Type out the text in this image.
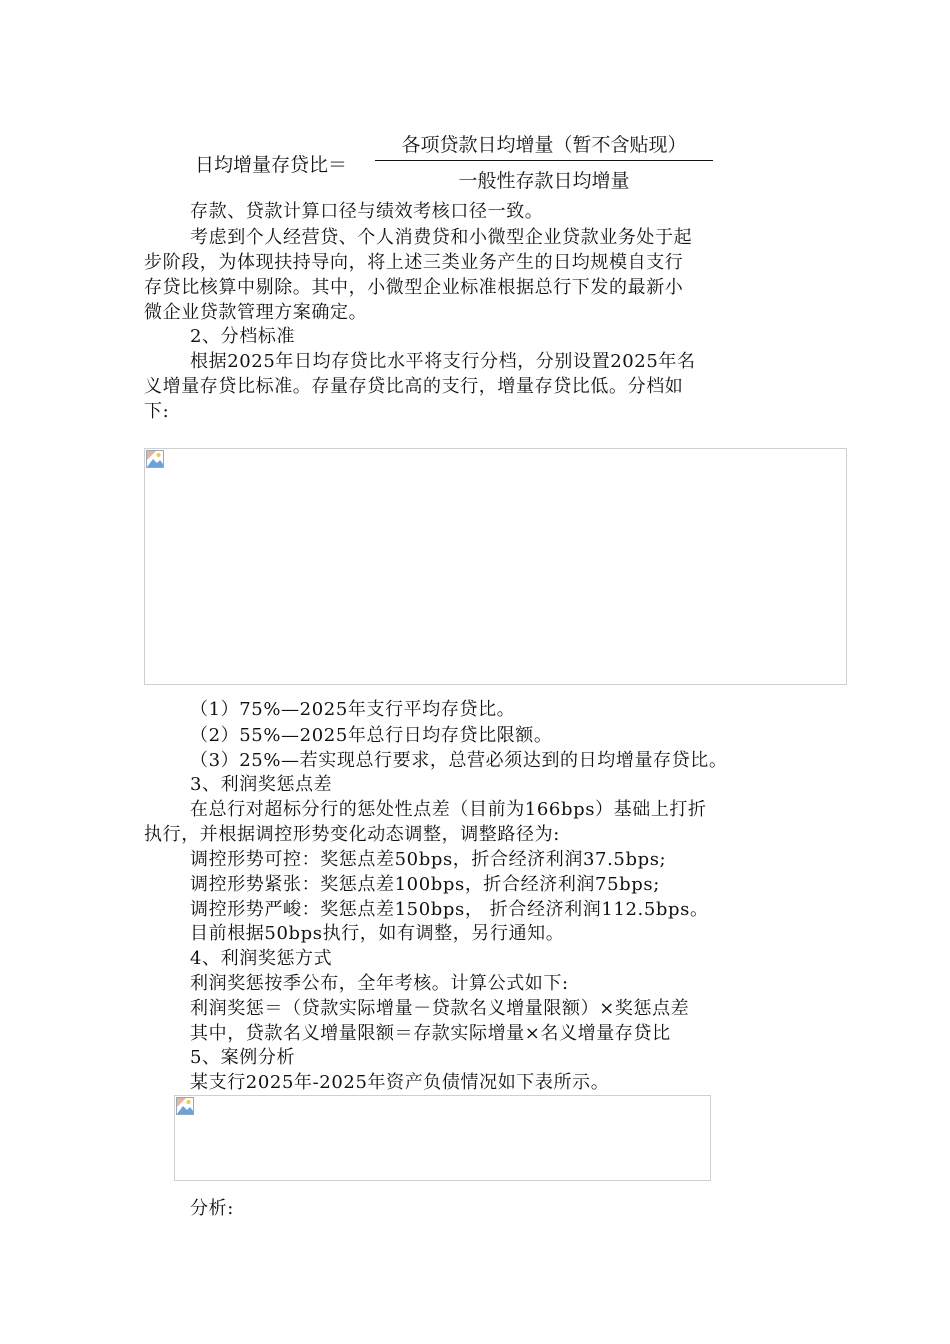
日均增量存贷比＝
各项贷款日均增量（暂不含贴现）
一般性存款日均增量
存款、贷款计算口径与绩效考核口径一致。
考虑到个人经营贷、个人消费贷和小微型企业贷款业务处于起
步阶段，为体现扶持导向，将上述三类业务产生的日均规模自支行
存贷比核算中剔除。其中，小微型企业标准根据总行下发的最新小
微企业贷款管理方案确定。
2、分档标准
根据2025年日均存贷比水平将支行分档，分别设置2025年名
义增量存贷比标准。存量存贷比高的支行，增量存贷比低。分档如
下:
（1）75%—2025年支行平均存贷比。
（2）55%—2025年总行日均存贷比限额。
（3）25%—若实现总行要求，总营必须达到的日均增量存贷比。
3、利润奖惩点差
在总行对超标分行的惩处性点差（目前为166bps）基础上打折
执行，并根据调控形势变化动态调整，调整路径为:
调控形势可控：奖惩点差50bps，折合经济利润37.5bps;
调控形势紧张：奖惩点差100bps，折合经济利润75bps;
调控形势严峻：奖惩点差150bps， 折合经济利润112.5bps。
目前根据50bps执行，如有调整，另行通知。
4、利润奖惩方式
利润奖惩按季公布，全年考核。计算公式如下:
利润奖惩＝（贷款实际增量－贷款名义增量限额）×奖惩点差
其中，贷款名义增量限额＝存款实际增量×名义增量存贷比
5、案例分析
某支行2025年-2025年资产负债情况如下表所示。
分析:
